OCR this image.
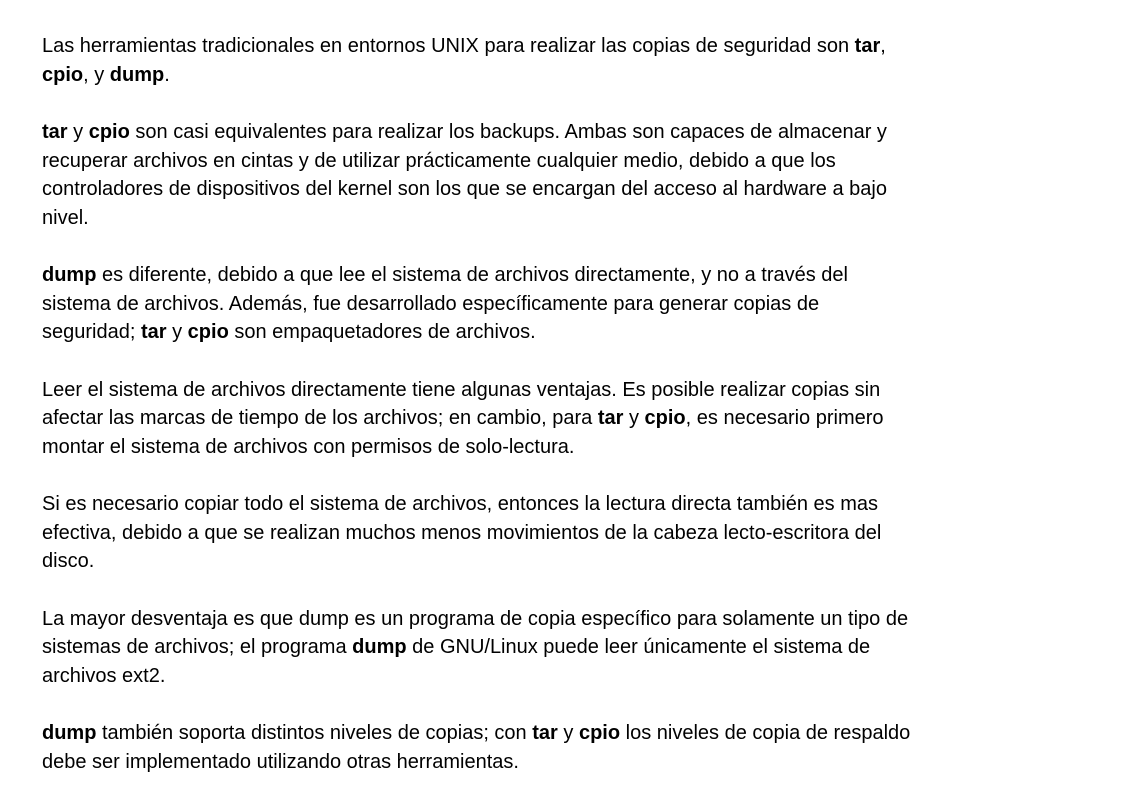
Las herramientas tradicionales en entornos UNIX para realizar las copias de seguridad son tar,
cpio, y dump.

tar y cpio son casi equivalentes para realizar los backups. Ambas son capaces de almacenar y
recuperar archivos en cintas y de utilizar prácticamente cualquier medio, debido a que los
controladores de dispositivos del kernel son los que se encargan del acceso al hardware a bajo
nivel.

dump es diferente, debido a que lee el sistema de archivos directamente, y no a través del
sistema de archivos. Además, fue desarrollado específicamente para generar copias de
seguridad; tar y cpio son empaquetadores de archivos.

Leer el sistema de archivos directamente tiene algunas ventajas. Es posible realizar copias sin
afectar las marcas de tiempo de los archivos; en cambio, para tar y cpio, es necesario primero
montar el sistema de archivos con permisos de solo-lectura.

Si es necesario copiar todo el sistema de archivos, entonces la lectura directa también es mas
efectiva, debido a que se realizan muchos menos movimientos de la cabeza lecto-escritora del
disco.

La mayor desventaja es que dump es un programa de copia específico para solamente un tipo de
sistemas de archivos; el programa dump de GNU/Linux puede leer únicamente el sistema de
archivos ext2.

dump también soporta distintos niveles de copias; con tar y cpio los niveles de copia de respaldo
debe ser implementado utilizando otras herramientas.
